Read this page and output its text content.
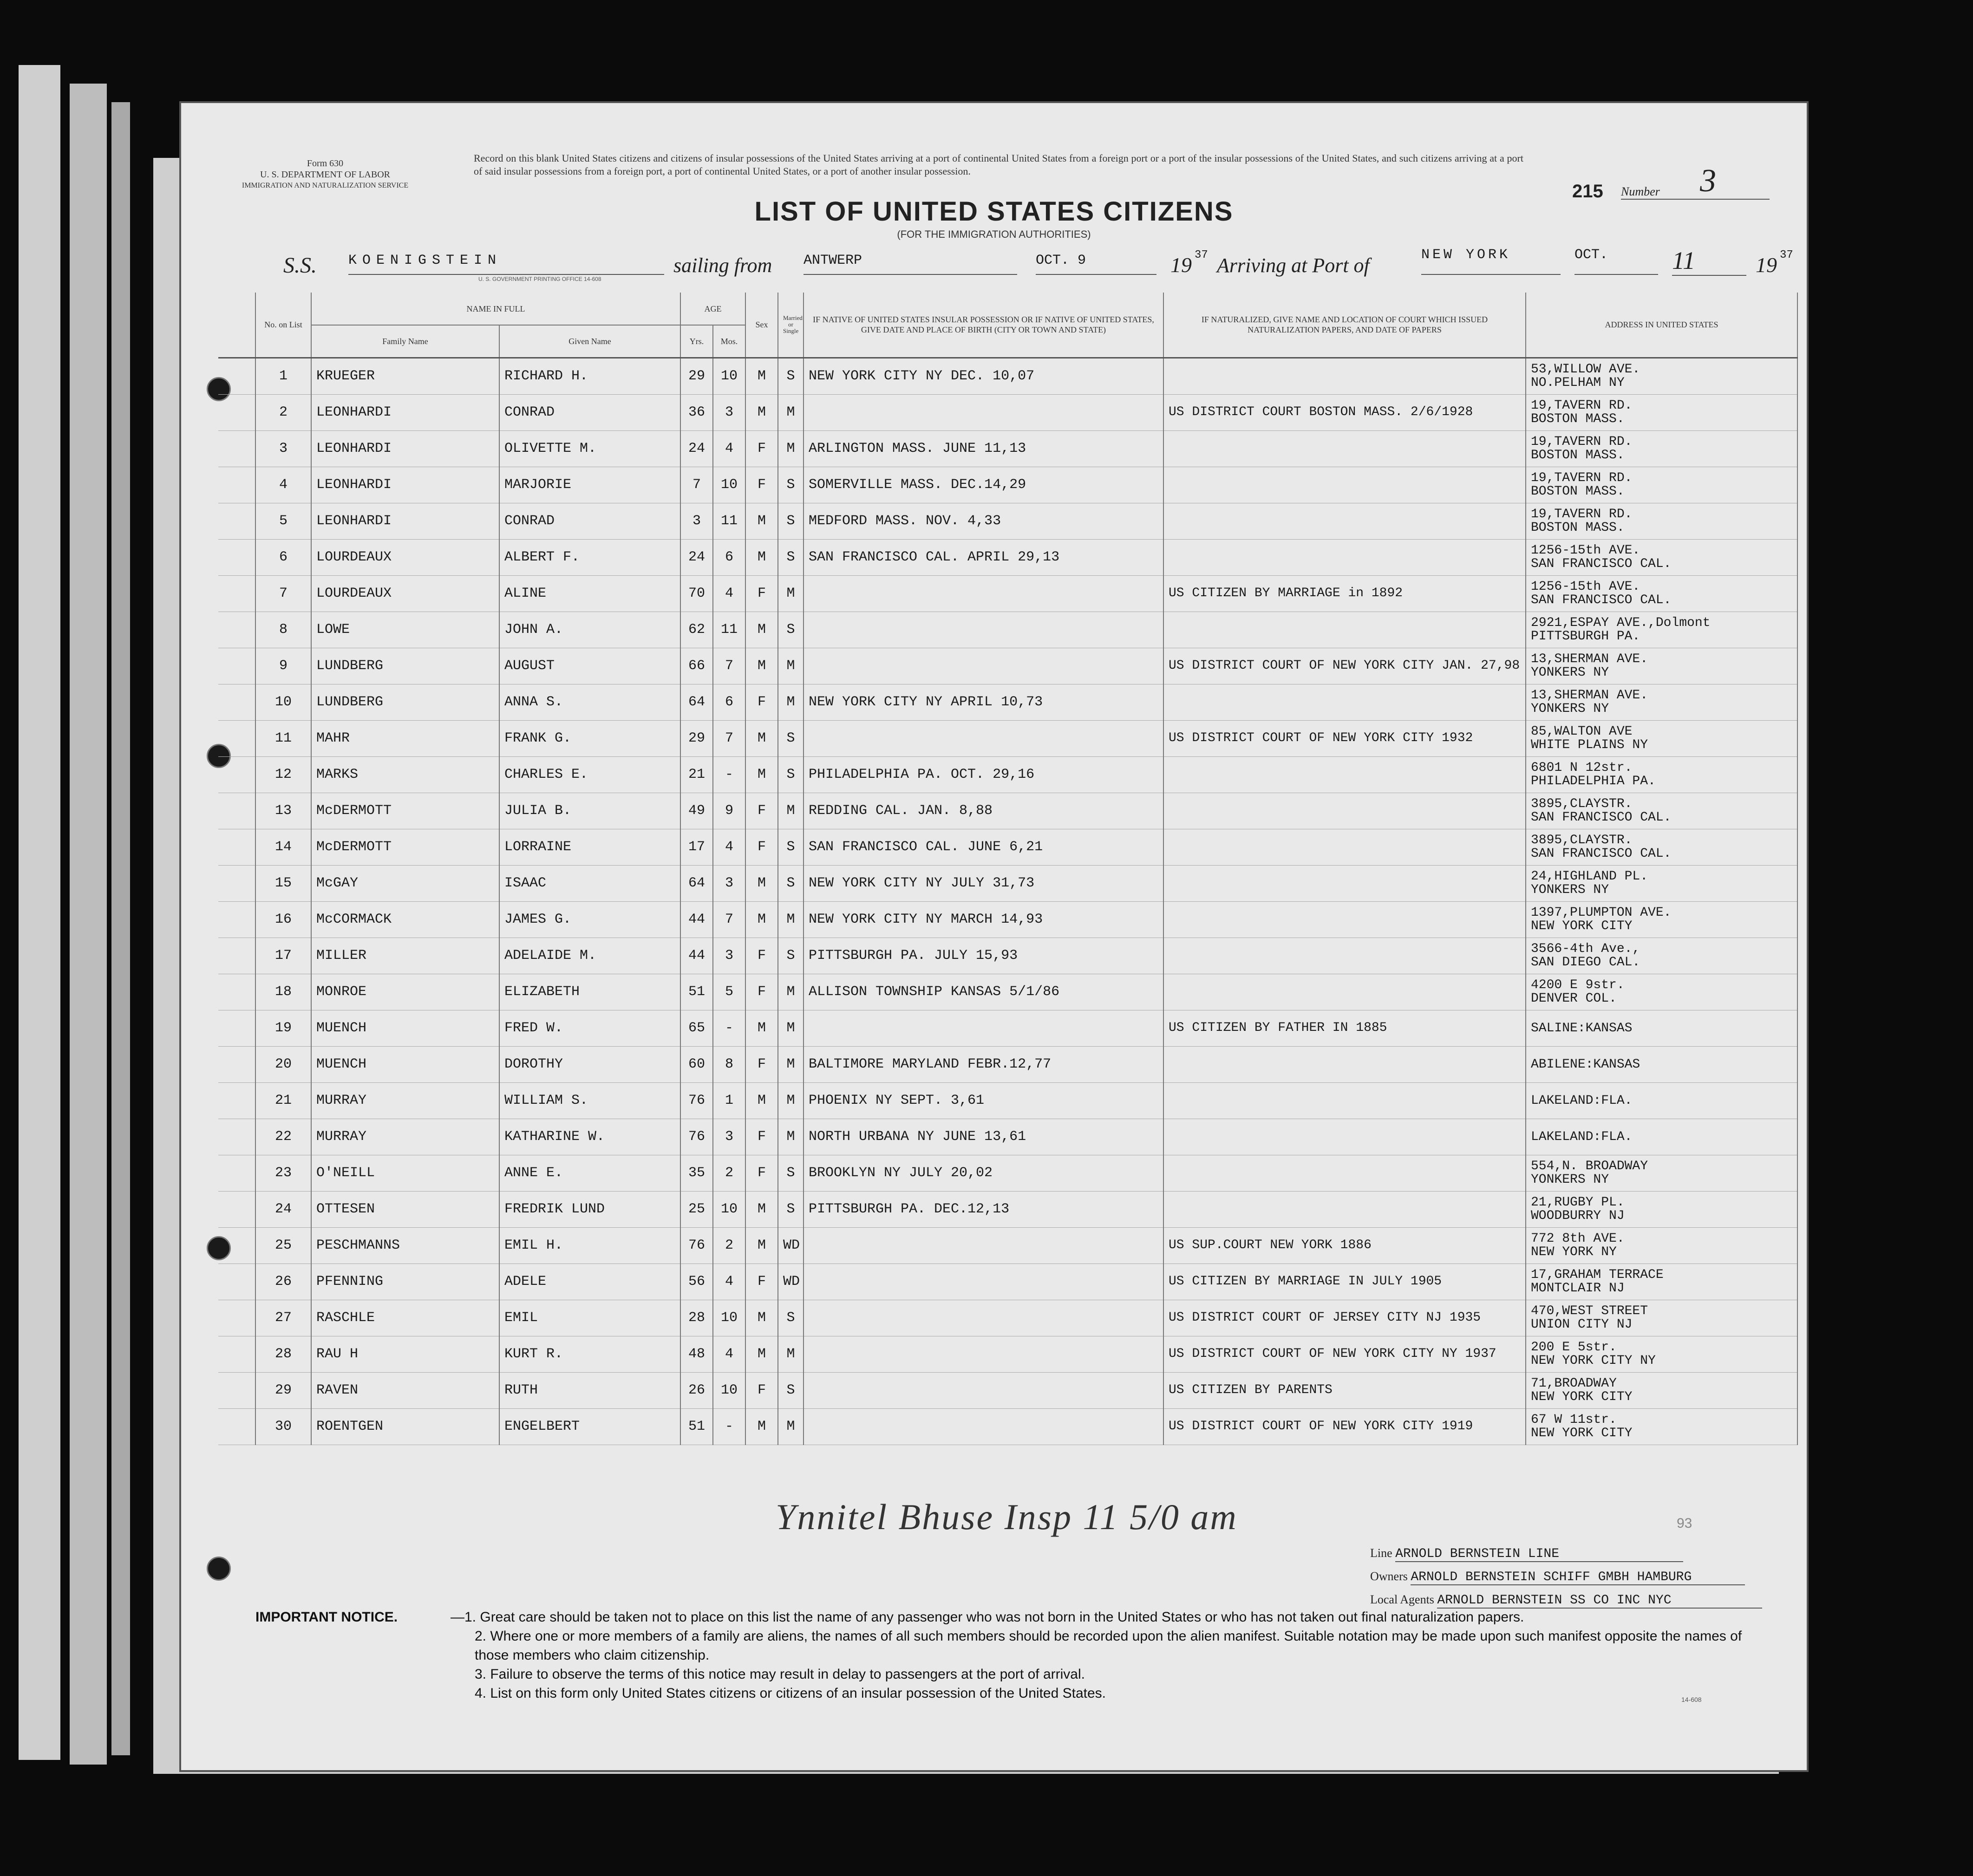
Form 630
U. S. DEPARTMENT OF LABOR
IMMIGRATION AND NATURALIZATION SERVICE
Record on this blank United States citizens and citizens of insular possessions of the United States arriving at a port of continental United States from a foreign port or a port of the insular possessions of the United States, and such citizens arriving at a port of said insular possessions from a foreign port, a port of continental United States, or a port of another insular possession.
215 Number 3
LIST OF UNITED STATES CITIZENS
(FOR THE IMMIGRATION AUTHORITIES)
S.S. KOENIGSTEIN	sailing from ANTWERP	OCT. 9	19 37 Arriving at Port of	NEW YORK	OCT.	11	19 37
	No. on List	NAME IN FULL		AGE		Sex	Married or Single	IF NATIVE OF UNITED STATES INSULAR POSSESSION OR IF NATIVE OF UNITED STATES, GIVE DATE AND PLACE OF BIRTH (CITY OR TOWN AND STATE)	IF NATURALIZED, GIVE NAME AND LOCATION OF COURT WHICH ISSUED NATURALIZATION PAPERS, AND DATE OF PAPERS	ADDRESS IN UNITED STATES
		Family Name	Given Name	Yrs.	Mos.					
	1	KRUEGER	RICHARD H.	29	10	M	S	NEW YORK CITY NY DEC. 10,07		53,WILLOW AVE.
NO.PELHAM NY

	2	LEONHARDI	CONRAD	36	3	M	M		US DISTRICT COURT BOSTON MASS. 2/6/1928	19,TAVERN RD.
BOSTON MASS.

	3	LEONHARDI	OLIVETTE M.	24	4	F	M	ARLINGTON MASS. JUNE 11,13		19,TAVERN RD.
BOSTON MASS.

	4	LEONHARDI	MARJORIE	7	10	F	S	SOMERVILLE MASS. DEC.14,29		19,TAVERN RD.
BOSTON MASS.

	5	LEONHARDI	CONRAD	3	11	M	S	MEDFORD MASS. NOV. 4,33		19,TAVERN RD.
BOSTON MASS.

	6	LOURDEAUX	ALBERT F.	24	6	M	S	SAN FRANCISCO CAL. APRIL 29,13		1256-15th AVE.
SAN FRANCISCO CAL.

	7	LOURDEAUX	ALINE	70	4	F	M		US CITIZEN BY MARRIAGE in 1892	1256-15th AVE.
SAN FRANCISCO CAL.

	8	LOWE	JOHN A.	62	11	M	S			2921,ESPAY AVE.,Dolmont
PITTSBURGH PA.

	9	LUNDBERG	AUGUST	66	7	M	M		US DISTRICT COURT OF NEW YORK CITY JAN. 27,98	13,SHERMAN AVE.
YONKERS NY

	10	LUNDBERG	ANNA S.	64	6	F	M	NEW YORK CITY NY APRIL 10,73		13,SHERMAN AVE.
YONKERS NY

	11	MAHR	FRANK G.	29	7	M	S		US DISTRICT COURT OF NEW YORK CITY 1932	85,WALTON AVE
WHITE PLAINS NY

	12	MARKS	CHARLES E.	21	-	M	S	PHILADELPHIA PA. OCT. 29,16		6801 N 12str.
PHILADELPHIA PA.

	13	McDERMOTT	JULIA B.	49	9	F	M	REDDING CAL. JAN. 8,88		3895,CLAYSTR.
SAN FRANCISCO CAL.

	14	McDERMOTT	LORRAINE	17	4	F	S	SAN FRANCISCO CAL. JUNE 6,21		3895,CLAYSTR.
SAN FRANCISCO CAL.

	15	McGAY	ISAAC	64	3	M	S	NEW YORK CITY NY JULY 31,73		24,HIGHLAND PL.
YONKERS NY

	16	McCORMACK	JAMES G.	44	7	M	M	NEW YORK CITY NY MARCH 14,93		1397,PLUMPTON AVE.
NEW YORK CITY

	17	MILLER	ADELAIDE M.	44	3	F	S	PITTSBURGH PA. JULY 15,93		3566-4th Ave.,
SAN DIEGO CAL.

	18	MONROE	ELIZABETH	51	5	F	M	ALLISON TOWNSHIP KANSAS 5/1/86		4200 E 9str.
DENVER COL.

	19	MUENCH	FRED W.	65	-	M	M		US CITIZEN BY FATHER IN 1885	SALINE:KANSAS

	20	MUENCH	DOROTHY	60	8	F	M	BALTIMORE MARYLAND FEBR.12,77		ABILENE:KANSAS

	21	MURRAY	WILLIAM S.	76	1	M	M	PHOENIX NY SEPT. 3,61		LAKELAND:FLA.

	22	MURRAY	KATHARINE W.	76	3	F	M	NORTH URBANA NY JUNE 13,61		LAKELAND:FLA.

	23	O'NEILL	ANNE E.	35	2	F	S	BROOKLYN NY JULY 20,02		554,N. BROADWAY
YONKERS NY

	24	OTTESEN	FREDRIK LUND	25	10	M	S	PITTSBURGH PA. DEC.12,13		21,RUGBY PL.
WOODBURRY NJ

	25	PESCHMANNS	EMIL H.	76	2	M	WD		US SUP.COURT NEW YORK 1886	772 8th AVE.
NEW YORK NY

	26	PFENNING	ADELE	56	4	F	WD		US CITIZEN BY MARRIAGE IN JULY 1905	17,GRAHAM TERRACE
MONTCLAIR NJ

	27	RASCHLE	EMIL	28	10	M	S		US DISTRICT COURT OF JERSEY CITY NJ 1935	470,WEST STREET
UNION CITY NJ

	28	RAU H	KURT R.	48	4	M	M		US DISTRICT COURT OF NEW YORK CITY NY 1937	200 E 5str.
NEW YORK CITY NY

	29	RAVEN	RUTH	26	10	F	S		US CITIZEN BY PARENTS	71,BROADWAY
NEW YORK CITY

	30	ROENTGEN	ENGELBERT	51	-	M	M		US DISTRICT COURT OF NEW YORK CITY 1919	67 W 11str.
NEW YORK CITY
Ynnitel Bhuse Insp 11 5/0 am	93
Line ARNOLD BERNSTEIN LINE
Owners ARNOLD BERNSTEIN SCHIFF GMBH HAMBURG
Local Agents ARNOLD BERNSTEIN SS CO INC NYC
IMPORTANT NOTICE.	—1. Great care should be taken not to place on this list the name of any passenger who was not born in the United States or who has not taken out final naturalization papers.
2. Where one or more members of a family are aliens, the names of all such members should be recorded upon the alien manifest. Suitable notation may be made upon such manifest opposite the names of those members who claim citizenship.
3. Failure to observe the terms of this notice may result in delay to passengers at the port of arrival.
4. List on this form only United States citizens or citizens of an insular possession of the United States.	14-608
U. S. GOVERNMENT PRINTING OFFICE 14-608
